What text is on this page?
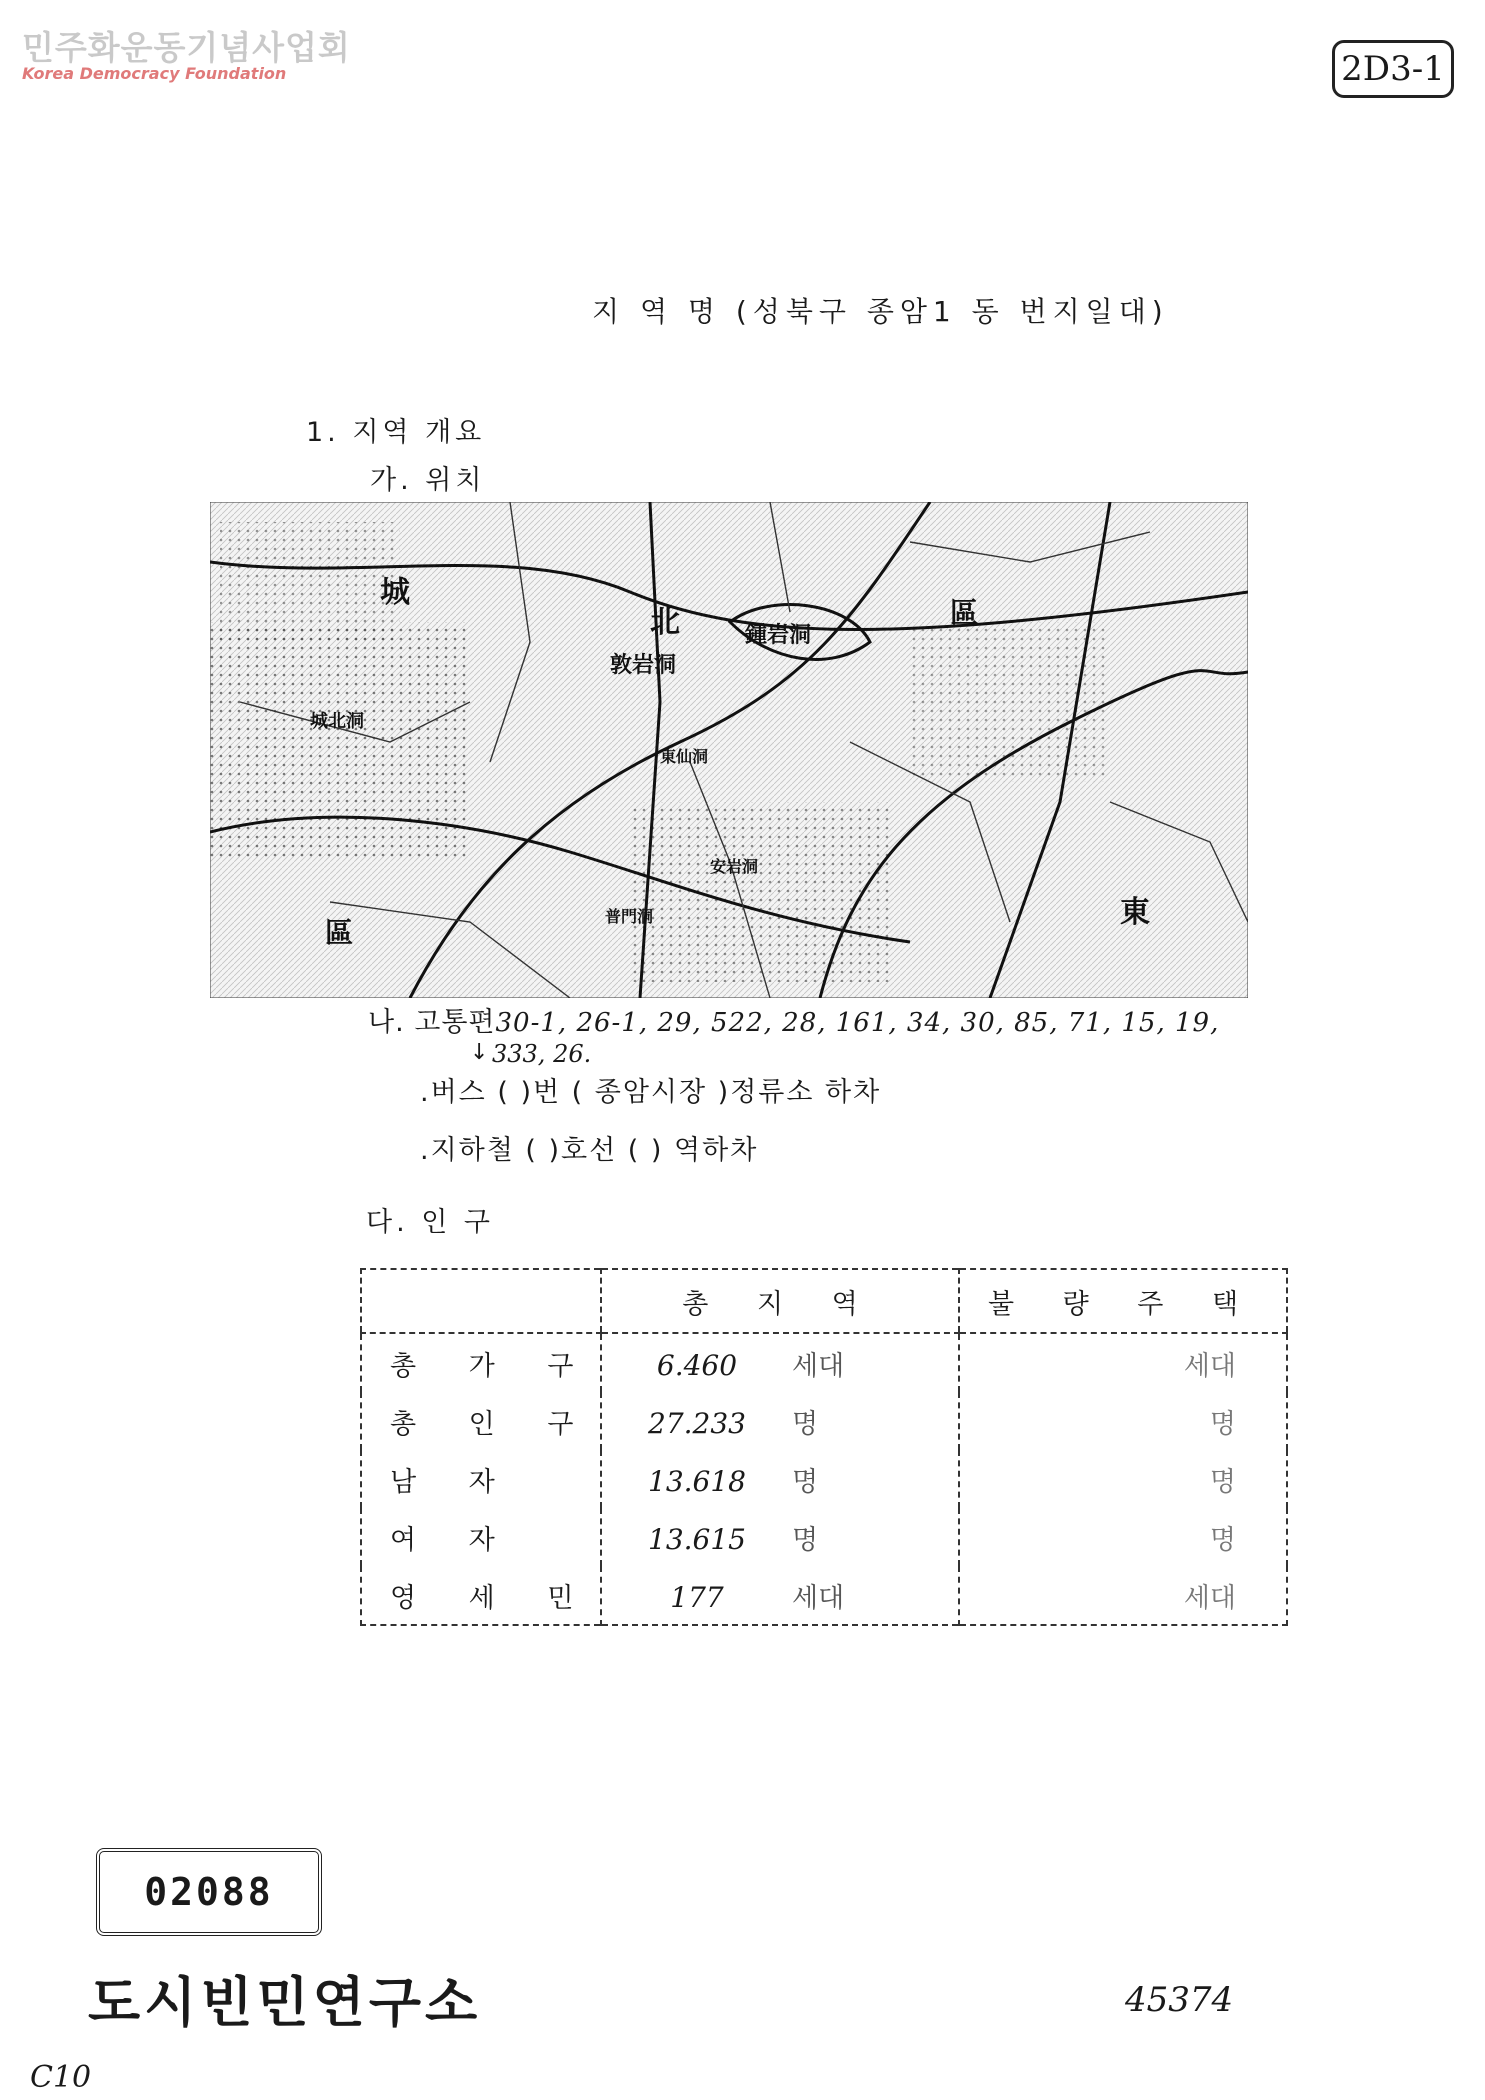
민주화운동기념사업회
Korea Democracy Foundation	2D3-1
지 역 명 (성북구 종암1 동 번지일대)
1. 지역 개요
가. 위치
城
北	區
區
東
敦岩洞
鍾岩洞
東仙洞
安岩洞
普門洞
城北洞
나. 고통편30-1, 26-1, 29, 522, 28, 161, 34, 30, 85, 71, 15, 19,
↓ 333, 26.
.버스 ( )번 ( 종암시장 )정류소 하차
.지하철 ( )호선 ( ) 역하차
다. 인 구
	총 지 역	불 량 주 택
총 가 구	6.460 세대	세대
총 인 구	27.233 명	명
남 자	13.618 명	명
여 자	13.615 명	명
영 세 민	177 세대	세대
02088
도시빈민연구소	45374
C10
